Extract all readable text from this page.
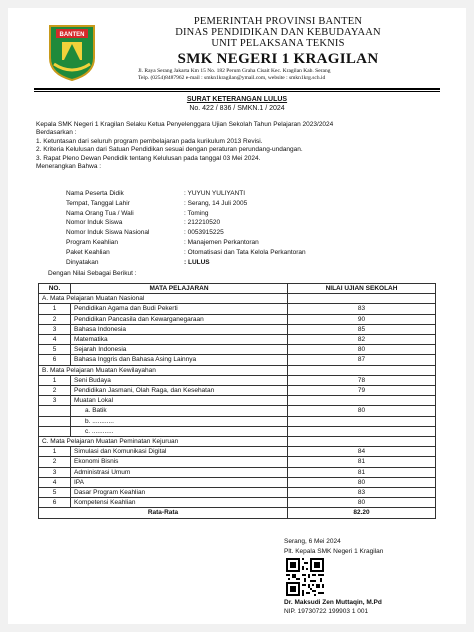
BANTEN
PEMERINTAH PROVINSI BANTEN
DINAS PENDIDIKAN DAN KEBUDAYAAN
UNIT PELAKSANA TEKNIS
SMK NEGERI 1 KRAGILAN
Jl. Raya Serang Jakarta Km 15 No. 182 Perum Graha Cisait Kec. Kragilan Kab. Serang
Telp. (0254)8487962 e-mail : smkn1kragilan@ymail.com, website : smkn1krg.sch.id
SURAT KETERANGAN LULUS
No. 422 / 836 / SMKN.1 / 2024
Kepala SMK Negeri 1 Kragilan Selaku Ketua Penyelenggara Ujian Sekolah Tahun Pelajaran 2023/2024
Berdasarkan :
1. Ketuntasan dari seluruh program pembelajaran pada kurikulum 2013 Revisi.
2. Kriteria Kelulusan dari Satuan Pendidikan sesuai dengan peraturan perundang-undangan.
3. Rapat Pleno Dewan Pendidik tentang Kelulusan pada tanggal 03 Mei 2024.
Menerangkan Bahwa :
Nama Peserta Didik	: YUYUN YULIYANTI
Tempat, Tanggal Lahir	: Serang, 14 Juli 2005
Nama Orang Tua / Wali	: Toming
Nomor Induk Siswa	: 212210520
Nomor Induk Siswa Nasional	: 0053915225
Program Keahlian	: Manajemen Perkantoran
Paket Keahlian	: Otomatisasi dan Tata Kelola Perkantoran
Dinyatakan	: LULUS
Dengan Nilai Sebagai Berikut :
NO.	MATA PELAJARAN	NILAI UJIAN SEKOLAH
A. Mata Pelajaran Muatan Nasional		
1	Pendidikan Agama dan Budi Pekerti	83
2	Pendidikan Pancasila dan Kewarganegaraan	90
3	Bahasa Indonesia	85
4	Matematika	82
5	Sejarah Indonesia	80
6	Bahasa Inggris dan Bahasa Asing Lainnya	87
B. Mata Pelajaran Muatan Kewilayahan		
1	Seni Budaya	78
2	Pendidikan Jasmani, Olah Raga, dan Kesehatan	79
3	Muatan Lokal	
	a. Batik	80
	b. ............	
	c. ............	
C. Mata Pelajaran Muatan Peminatan Kejuruan		
1	Simulasi dan Komunikasi Digital	84
2	Ekonomi Bisnis	81
3	Administrasi Umum	81
4	IPA	80
5	Dasar Program Keahlian	83
6	Kompetensi Keahlian	80
Rata-Rata		82.20
Serang, 6 Mei 2024
Plt. Kepala SMK Negeri 1 Kragilan
Dr. Maksudi Zen Muttaqin, M.Pd
NIP. 19730722 199903 1 001
